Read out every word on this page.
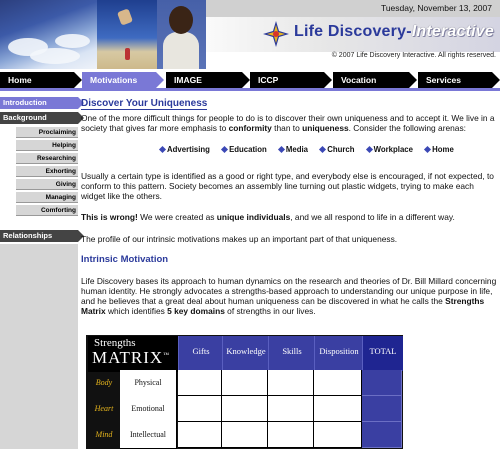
Tuesday, November 13, 2007
Life Discovery-Interactive
© 2007 Life Discovery Interactive. All rights reserved.
Home	Motivations	IMAGE	ICCP	Vocation	Services
Introduction
Background
Proclaiming
Helping
Researching
Exhorting
Giving
Managing
Comforting
Relationships
Discover Your Uniqueness

One of the more difficult things for people to do is to discover their own uniqueness and to accept it. We live in a society that gives far more emphasis to conformity than to uniqueness. Consider the following arenas:

Advertising Education Media Church Workplace Home

Usually a certain type is identified as a good or right type, and everybody else is encouraged, if not expected, to conform to this pattern. Society becomes an assembly line turning out plastic widgets, trying to make each widget like the others.

This is wrong! We were created as unique individuals, and we all respond to life in a different way.

The profile of our intrinsic motivations makes up an important part of that uniqueness.

Intrinsic Motivation

Life Discovery bases its approach to human dynamics on the research and theories of Dr. Bill Millard concerning human identity. He strongly advocates a strengths-based approach to understanding our unique purpose in life, and he believes that a great deal about human uniqueness can be discovered in what he calls the Strengths Matrix which identifies 5 key domains of strengths in our lives.

Strengths
MATRIX™	Gifts	Knowledge	Skills	Disposition	TOTAL
Body	Physical
Heart	Emotional
Mind	Intellectual
